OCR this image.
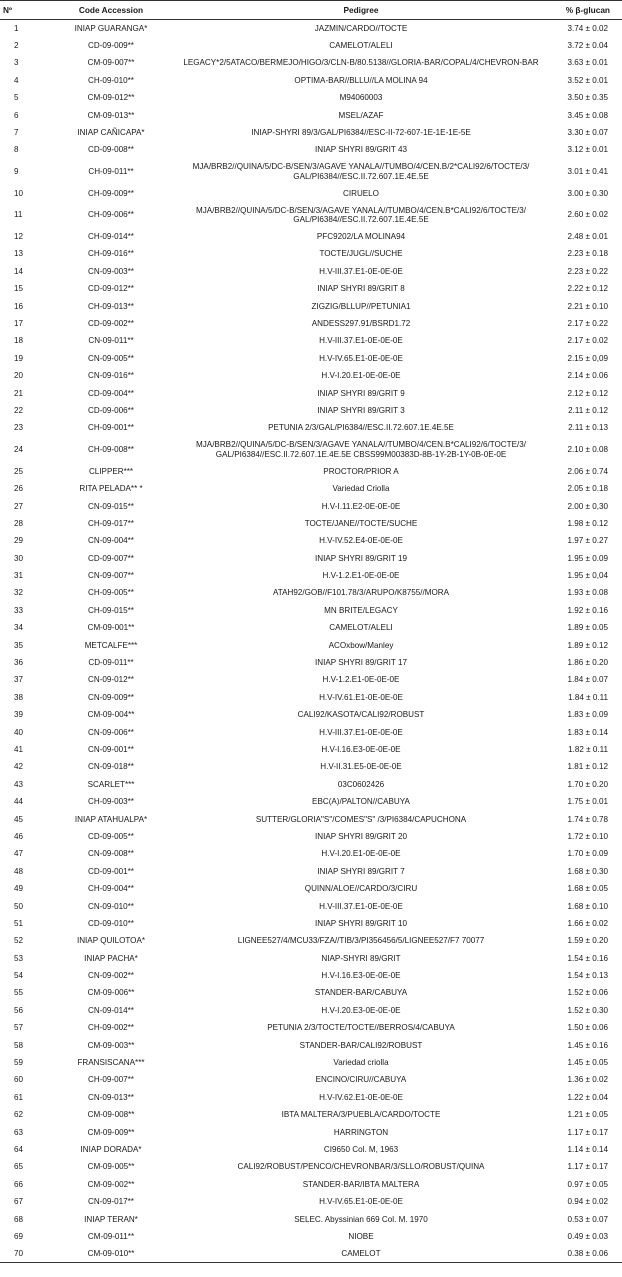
Nº	Code Accession	Pedigree	% β-glucan
1	INIAP GUARANGA*	JAZMIN/CARDO//TOCTE	3.74 ± 0.02
2	CD-09-009**	CAMELOT/ALELI	3.72 ± 0.04
3	CM-09-007**	LEGACY*2/5ATACO/BERMEJO/HIGO/3/CLN-B/80.5138//GLORIA-BAR/COPAL/4/CHEVRON-BAR	3.63 ± 0.01
4	CH-09-010**	OPTIMA-BAR//BLLU//LA MOLINA 94	3.52 ± 0.01
5	CM-09-012**	M94060003	3.50 ± 0.35
6	CM-09-013**	MSEL/AZAF	3.45 ± 0.08
7	INIAP CAÑICAPA*	INIAP-SHYRI 89/3/GAL/PI6384//ESC-II-72-607-1E-1E-1E-5E	3.30 ± 0.07
8	CD-09-008**	INIAP SHYRI 89/GRIT 43	3.12 ± 0.01
9	CH-09-011**	MJA/BRB2//QUINA/5/DC-B/SEN/3/AGAVE YANALA//TUMBO/4/CEN.B/2*CALI92/6/TOCTE/3/ GAL/PI6384//ESC.II.72.607.1E.4E.5E	3.01 ± 0.41
10	CH-09-009**	CIRUELO	3.00 ± 0.30
11	CH-09-006**	MJA/BRB2//QUINA/5/DC-B/SEN/3/AGAVE YANALA//TUMBO/4/CEN.B*CALI92/6/TOCTE/3/ GAL/PI6384//ESC.II.72.607.1E.4E.5E	2.60 ± 0.02
12	CH-09-014**	PFC9202/LA MOLINA94	2.48 ± 0.01
13	CH-09-016**	TOCTE/JUGL//SUCHE	2.23 ± 0.18
14	CN-09-003**	H.V-III.37.E1-0E-0E-0E	2.23 ± 0.22
15	CD-09-012**	INIAP SHYRI 89/GRIT 8	2.22 ± 0.12
16	CH-09-013**	ZIGZIG/BLLUP//PETUNIA1	2.21 ± 0.10
17	CD-09-002**	ANDESS297.91/BSRD1.72	2.17 ± 0.22
18	CN-09-011**	H.V-III.37.E1-0E-0E-0E	2.17 ± 0.02
19	CN-09-005**	H.V-IV.65.E1-0E-0E-0E	2.15 ± 0,09
20	CN-09-016**	H.V-I.20.E1-0E-0E-0E	2.14 ± 0.06
21	CD-09-004**	INIAP SHYRI 89/GRIT 9	2.12 ± 0.12
22	CD-09-006**	INIAP SHYRI 89/GRIT 3	2.11 ± 0.12
23	CH-09-001**	PETUNIA 2/3/GAL/PI6384//ESC.II.72.607.1E.4E.5E	2.11 ± 0.13
24	CH-09-008**	MJA/BRB2//QUINA/5/DC-B/SEN/3/AGAVE YANALA//TUMBO/4/CEN.B*CALI92/6/TOCTE/3/ GAL/PI6384//ESC.II.72.607.1E.4E.5E CBSS99M00383D-8B-1Y-2B-1Y-0B-0E-0E	2.10 ± 0.08
25	CLIPPER***	PROCTOR/PRIOR A	2.06 ± 0.74
26	RITA PELADA** *	Variedad Criolla	2.05 ± 0.18
27	CN-09-015**	H.V-I.11.E2-0E-0E-0E	2.00 ± 0,30
28	CH-09-017**	TOCTE/JANE//TOCTE/SUCHE	1.98 ± 0.12
29	CN-09-004**	H.V-IV.52.E4-0E-0E-0E	1.97 ± 0.27
30	CD-09-007**	INIAP SHYRI 89/GRIT 19	1.95 ± 0.09
31	CN-09-007**	H.V-1.2.E1-0E-0E-0E	1.95 ± 0,04
32	CH-09-005**	ATAH92/GOB//F101.78/3/ARUPO/K8755//MORA	1.93 ± 0.08
33	CH-09-015**	MN BRITE/LEGACY	1.92 ± 0.16
34	CM-09-001**	CAMELOT/ALELI	1.89 ± 0.05
35	METCALFE***	ACOxbow/Manley	1.89 ± 0.12
36	CD-09-011**	INIAP SHYRI 89/GRIT 17	1.86 ± 0.20
37	CN-09-012**	H.V-1.2.E1-0E-0E-0E	1.84 ± 0.07
38	CN-09-009**	H.V-IV.61.E1-0E-0E-0E	1.84 ± 0.11
39	CM-09-004**	CALI92/KASOTA/CALI92/ROBUST	1.83 ± 0.09
40	CN-09-006**	H.V-III.37.E1-0E-0E-0E	1.83 ± 0.14
41	CN-09-001**	H.V-I.16.E3-0E-0E-0E	1.82 ± 0.11
42	CN-09-018**	H.V-II.31.E5-0E-0E-0E	1.81 ± 0.12
43	SCARLET***	03C0602426	1.70 ± 0.20
44	CH-09-003**	EBC(A)/PALTON//CABUYA	1.75 ± 0.01
45	INIAP ATAHUALPA*	SUTTER/GLORIA"S"/COMES"S" /3/PI6384/CAPUCHONA	1.74 ± 0.78
46	CD-09-005**	INIAP SHYRI 89/GRIT 20	1.72 ± 0.10
47	CN-09-008**	H.V-I.20.E1-0E-0E-0E	1.70 ± 0.09
48	CD-09-001**	INIAP SHYRI 89/GRIT 7	1.68 ± 0.30
49	CH-09-004**	QUINN/ALOE//CARDO/3/CIRU	1.68 ± 0.05
50	CN-09-010**	H.V-III.37.E1-0E-0E-0E	1.68 ± 0.10
51	CD-09-010**	INIAP SHYRI 89/GRIT 10	1.66 ± 0.02
52	INIAP QUILOTOA*	LIGNEE527/4/MCU33/FZA//TIB/3/PI356456/5/LIGNEE527/F7 70077	1.59 ± 0.20
53	INIAP PACHA*	NIAP-SHYRI 89/GRIT	1.54 ± 0.16
54	CN-09-002**	H.V-I.16.E3-0E-0E-0E	1.54 ± 0.13
55	CM-09-006**	STANDER-BAR/CABUYA	1.52 ± 0.06
56	CN-09-014**	H.V-I.20.E3-0E-0E-0E	1.52 ± 0.30
57	CH-09-002**	PETUNIA 2/3/TOCTE/TOCTE//BERROS/4/CABUYA	1.50 ± 0.06
58	CM-09-003**	STANDER-BAR/CALI92/ROBUST	1.45 ± 0.16
59	FRANSISCANA***	Variedad criolla	1.45 ± 0.05
60	CH-09-007**	ENCINO/CIRU//CABUYA	1.36 ± 0.02
61	CN-09-013**	H.V-IV.62.E1-0E-0E-0E	1.22 ± 0.04
62	CM-09-008**	IBTA MALTERA/3/PUEBLA/CARDO/TOCTE	1.21 ± 0.05
63	CM-09-009**	HARRINGTON	1.17 ± 0.17
64	INIAP DORADA*	CI9650 Col. M, 1963	1.14 ± 0.14
65	CM-09-005**	CALI92/ROBUST/PENCO/CHEVRONBAR/3/SLLO/ROBUST/QUINA	1.17 ± 0.17
66	CM-09-002**	STANDER-BAR/IBTA MALTERA	0.97 ± 0.05
67	CN-09-017**	H.V-IV.65.E1-0E-0E-0E	0.94 ± 0.02
68	INIAP TERAN*	SELEC. Abyssinian 669 Col. M. 1970	0.53 ± 0.07
69	CM-09-011**	NIOBE	0.49 ± 0.03
70	CM-09-010**	CAMELOT	0.38 ± 0.06
